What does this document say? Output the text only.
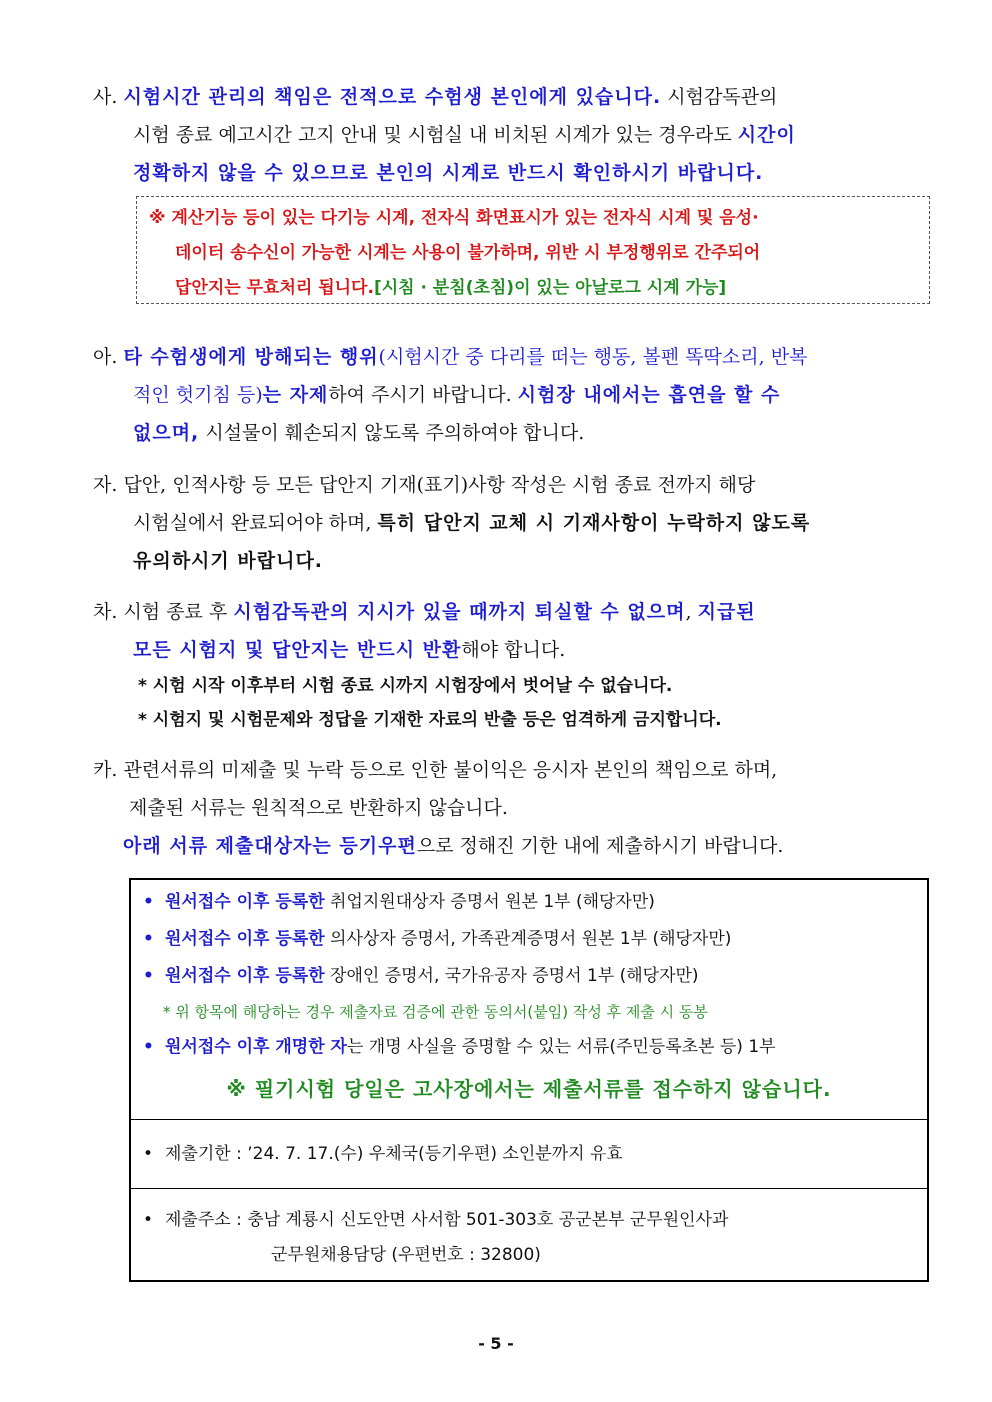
사. 시험시간 관리의 책임은 전적으로 수험생 본인에게 있습니다. 시험감독관의
시험 종료 예고시간 고지 안내 및 시험실 내 비치된 시계가 있는 경우라도 시간이
정확하지 않을 수 있으므로 본인의 시계로 반드시 확인하시기 바랍니다.
※ 계산기능 등이 있는 다기능 시계, 전자식 화면표시가 있는 전자식 시계 및 음성·
데이터 송수신이 가능한 시계는 사용이 불가하며, 위반 시 부정행위로 간주되어
답안지는 무효처리 됩니다.[시침 · 분침(초침)이 있는 아날로그 시계 가능]
아. 타 수험생에게 방해되는 행위(시험시간 중 다리를 떠는 행동, 볼펜 똑딱소리, 반복
적인 헛기침 등)는 자제하여 주시기 바랍니다. 시험장 내에서는 흡연을 할 수
없으며, 시설물이 훼손되지 않도록 주의하여야 합니다.
자. 답안, 인적사항 등 모든 답안지 기재(표기)사항 작성은 시험 종료 전까지 해당
시험실에서 완료되어야 하며, 특히 답안지 교체 시 기재사항이 누락하지 않도록
유의하시기 바랍니다.
차. 시험 종료 후 시험감독관의 지시가 있을 때까지 퇴실할 수 없으며, 지급된
모든 시험지 및 답안지는 반드시 반환해야 합니다.
* 시험 시작 이후부터 시험 종료 시까지 시험장에서 벗어날 수 없습니다.
* 시험지 및 시험문제와 정답을 기재한 자료의 반출 등은 엄격하게 금지합니다.
카. 관련서류의 미제출 및 누락 등으로 인한 불이익은 응시자 본인의 책임으로 하며,
제출된 서류는 원칙적으로 반환하지 않습니다.
아래 서류 제출대상자는 등기우편으로 정해진 기한 내에 제출하시기 바랍니다.
• 원서접수 이후 등록한 취업지원대상자 증명서 원본 1부 (해당자만)
• 원서접수 이후 등록한 의사상자 증명서, 가족관계증명서 원본 1부 (해당자만)
• 원서접수 이후 등록한 장애인 증명서, 국가유공자 증명서 1부 (해당자만)
* 위 항목에 해당하는 경우 제출자료 검증에 관한 동의서(붙임) 작성 후 제출 시 동봉
• 원서접수 이후 개명한 자는 개명 사실을 증명할 수 있는 서류(주민등록초본 등) 1부
※ 필기시험 당일은 고사장에서는 제출서류를 접수하지 않습니다.
• 제출기한 : ’24. 7. 17.(수) 우체국(등기우편) 소인분까지 유효
• 제출주소 : 충남 계룡시 신도안면 사서함 501-303호 공군본부 군무원인사과
군무원채용담당 (우편번호 : 32800)
- 5 -
